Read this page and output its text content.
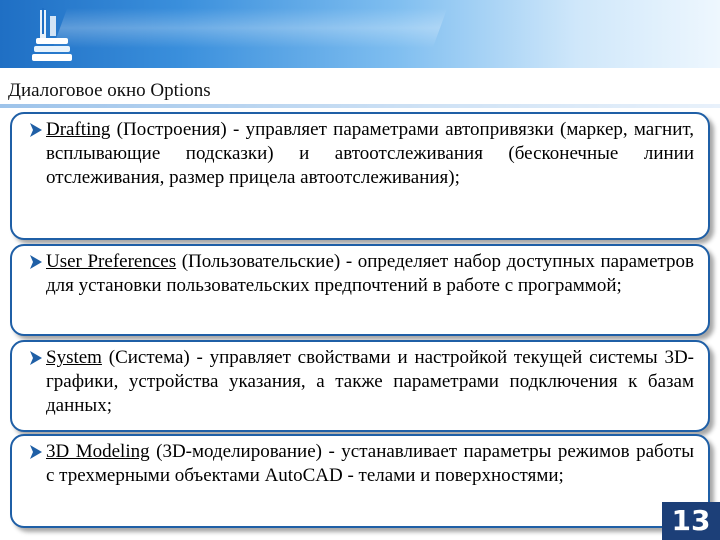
Диалоговое окно Options

Drafting (Построения) - управляет параметрами автопривязки (маркер, магнит, всплывающие подсказки) и автоотслеживания (бесконечные линии отслеживания, размер прицела автоотслеживания);

User Preferences (Пользовательские) - определяет набор доступных параметров для установки пользовательских предпочтений в работе с программой;

System (Система) - управляет свойствами и настройкой текущей системы 3D-графики, устройства указания, а также параметрами подключения к базам данных;

3D Modeling (3D-моделирование) - устанавливает параметры режимов работы с трехмерными объектами AutoCAD - телами и поверхностями;

13
